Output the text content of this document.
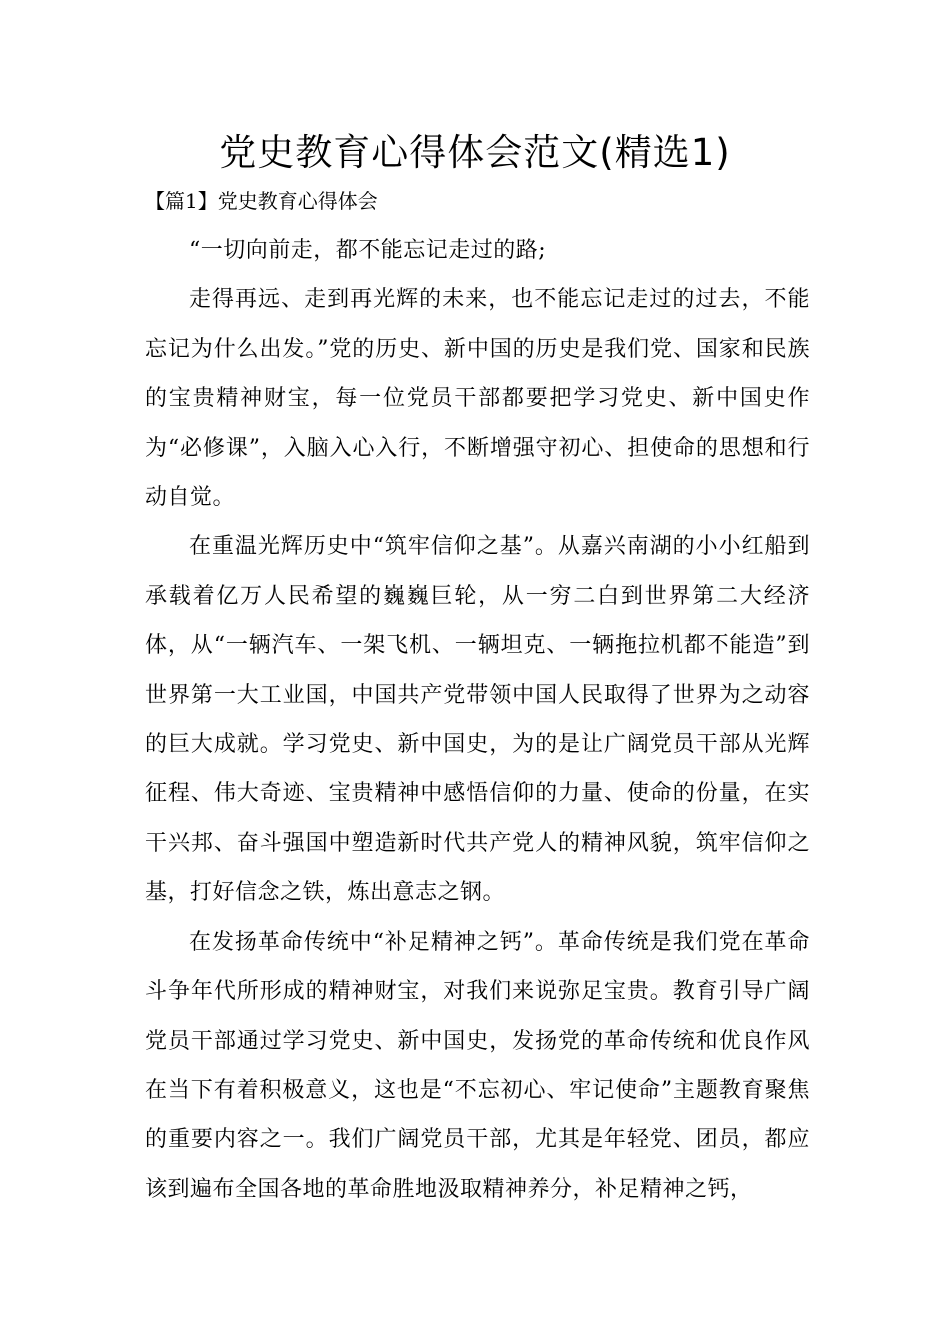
党史教育心得体会范文(精选1)
【篇1】党史教育心得体会

“一切向前走，都不能忘记走过的路;

走得再远、走到再光辉的未来，也不能忘记走过的过去，不能忘记为什么出发。”党的历史、新中国的历史是我们党、国家和民族的宝贵精神财宝，每一位党员干部都要把学习党史、新中国史作为“必修课”，入脑入心入行，不断增强守初心、担使命的思想和行动自觉。

在重温光辉历史中“筑牢信仰之基”。从嘉兴南湖的小小红船到承载着亿万人民希望的巍巍巨轮，从一穷二白到世界第二大经济体，从“一辆汽车、一架飞机、一辆坦克、一辆拖拉机都不能造”到世界第一大工业国，中国共产党带领中国人民取得了世界为之动容的巨大成就。学习党史、新中国史，为的是让广阔党员干部从光辉征程、伟大奇迹、宝贵精神中感悟信仰的力量、使命的份量，在实干兴邦、奋斗强国中塑造新时代共产党人的精神风貌，筑牢信仰之基，打好信念之铁，炼出意志之钢。

在发扬革命传统中“补足精神之钙”。革命传统是我们党在革命斗争年代所形成的精神财宝，对我们来说弥足宝贵。教育引导广阔党员干部通过学习党史、新中国史，发扬党的革命传统和优良作风在当下有着积极意义，这也是“不忘初心、牢记使命”主题教育聚焦的重要内容之一。我们广阔党员干部，尤其是年轻党、团员，都应该到遍布全国各地的革命胜地汲取精神养分，补足精神之钙，
